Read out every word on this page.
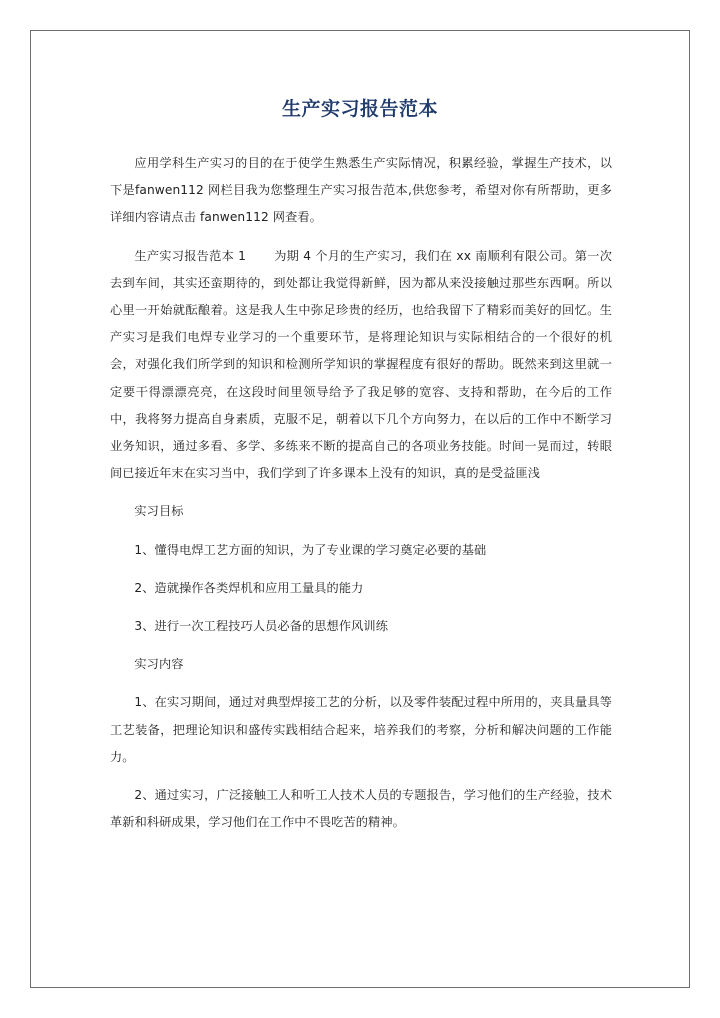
生产实习报告范本

应用学科生产实习的目的在于使学生熟悉生产实际情况，积累经验，掌握生产技术，以下是fanwen112 网栏目我为您整理生产实习报告范本,供您参考，希望对你有所帮助，更多详细内容请点击 fanwen112 网查看。

生产实习报告范本 1 为期 4 个月的生产实习，我们在 xx 南顺利有限公司。第一次去到车间，其实还蛮期待的，到处都让我觉得新鲜，因为都从来没接触过那些东西啊。所以心里一开始就酝酿着。这是我人生中弥足珍贵的经历，也给我留下了精彩而美好的回忆。生产实习是我们电焊专业学习的一个重要环节，是将理论知识与实际相结合的一个很好的机会，对强化我们所学到的知识和检测所学知识的掌握程度有很好的帮助。既然来到这里就一定要干得漂漂亮亮，在这段时间里领导给予了我足够的宽容、支持和帮助，在今后的工作中，我将努力提高自身素质，克服不足，朝着以下几个方向努力，在以后的工作中不断学习业务知识，通过多看、多学、多练来不断的提高自己的各项业务技能。时间一晃而过，转眼间已接近年末在实习当中，我们学到了许多课本上没有的知识，真的是受益匪浅

实习目标

1、懂得电焊工艺方面的知识，为了专业课的学习奠定必要的基础

2、造就操作各类焊机和应用工量具的能力

3、进行一次工程技巧人员必备的思想作风训练

实习内容

1、在实习期间，通过对典型焊接工艺的分析，以及零件装配过程中所用的，夹具量具等工艺装备，把理论知识和盛传实践相结合起来，培养我们的考察，分析和解决问题的工作能力。

2、通过实习，广泛接触工人和听工人技术人员的专题报告，学习他们的生产经验，技术革新和科研成果，学习他们在工作中不畏吃苦的精神。
